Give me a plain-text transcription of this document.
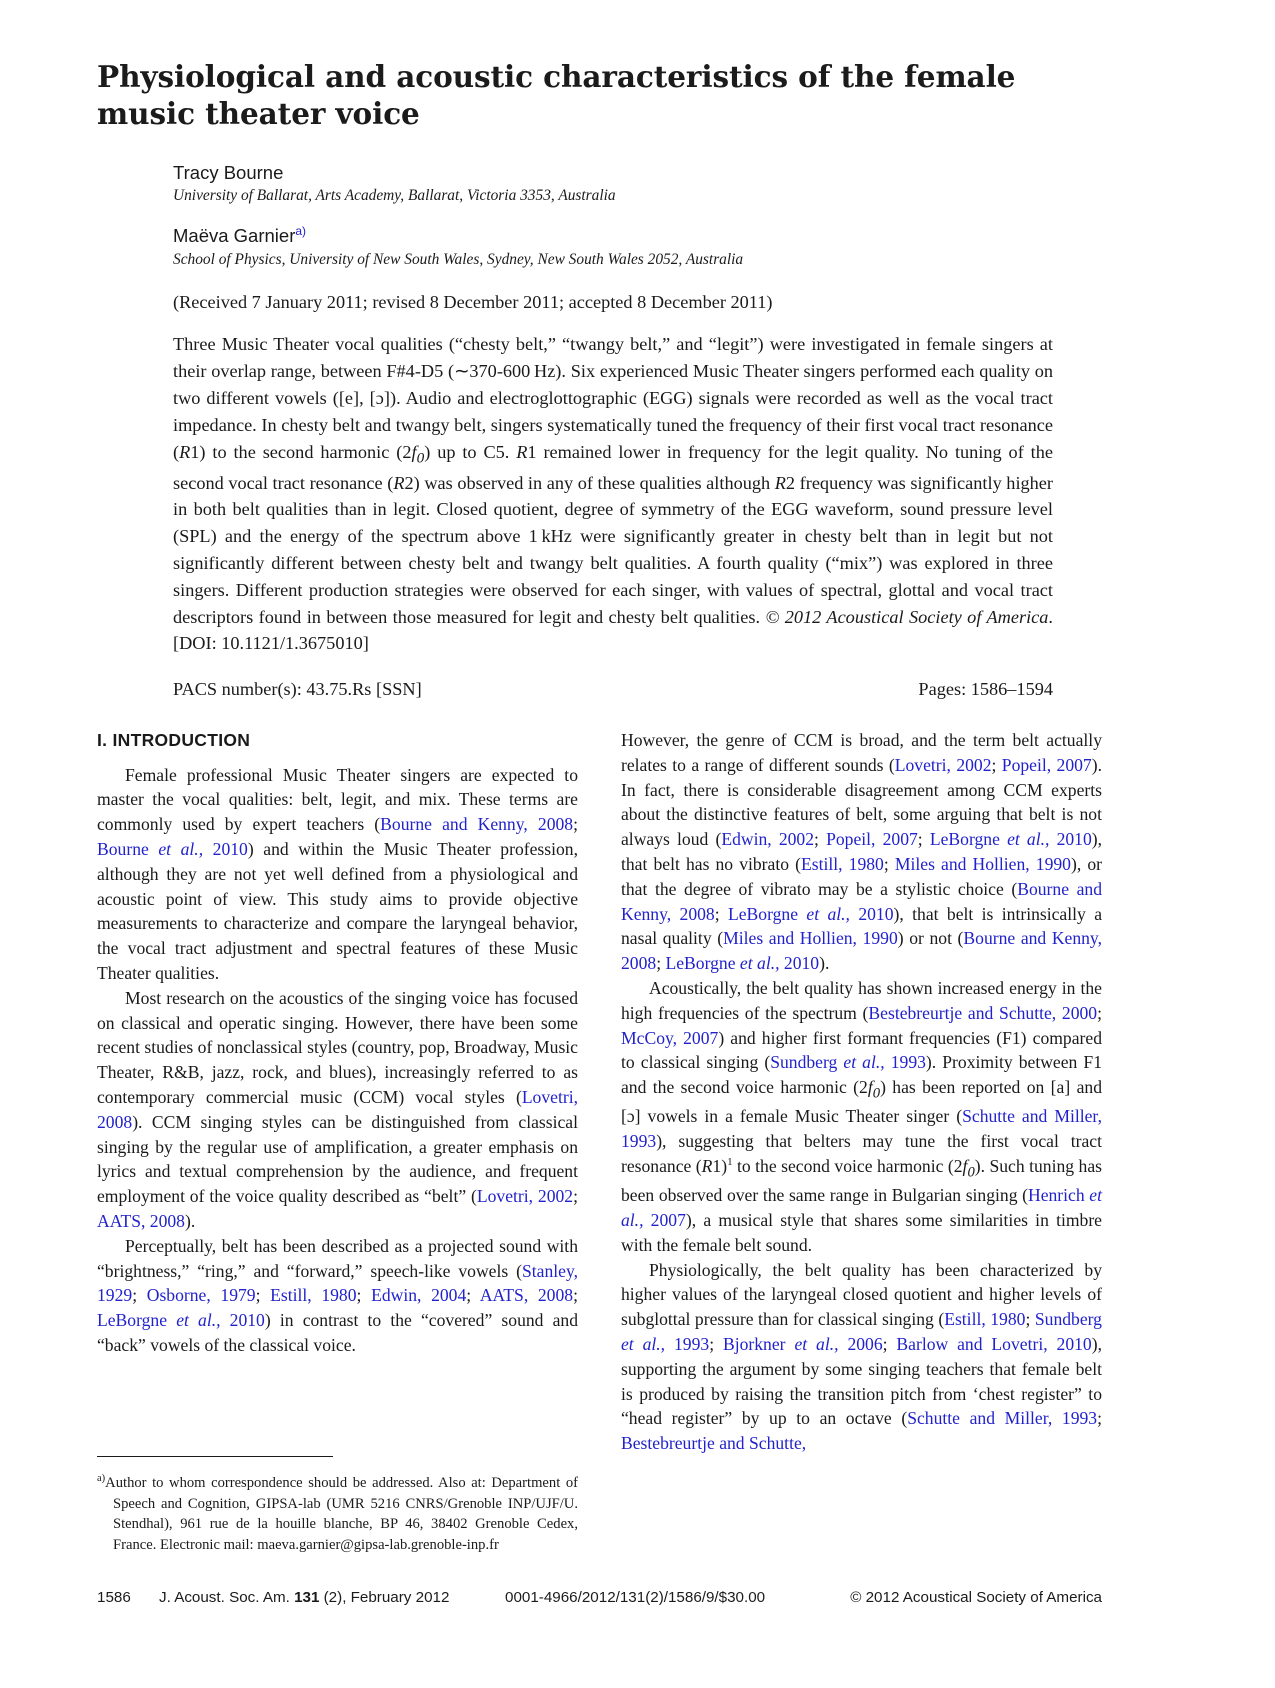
Physiological and acoustic characteristics of the female music theater voice
Tracy Bourne
University of Ballarat, Arts Academy, Ballarat, Victoria 3353, Australia
Maëva Garnier$^{a)}$
School of Physics, University of New South Wales, Sydney, New South Wales 2052, Australia
(Received 7 January 2011; revised 8 December 2011; accepted 8 December 2011)
Three Music Theater vocal qualities (“chesty belt,” “twangy belt,” and “legit”) were investigated in female singers at their overlap range, between F#4-D5 (∼370-600 Hz). Six experienced Music Theater singers performed each quality on two different vowels ([e], [ɔ]). Audio and electroglottographic (EGG) signals were recorded as well as the vocal tract impedance. In chesty belt and twangy belt, singers systematically tuned the frequency of their first vocal tract resonance (R1) to the second harmonic $(2f_0)$ up to C5. R1 remained lower in frequency for the legit quality. No tuning of the second vocal tract resonance (R2) was observed in any of these qualities although R2 frequency was significantly higher in both belt qualities than in legit. Closed quotient, degree of symmetry of the EGG waveform, sound pressure level (SPL) and the energy of the spectrum above 1 kHz were significantly greater in chesty belt than in legit but not significantly different between chesty belt and twangy belt qualities. A fourth quality (“mix”) was explored in three singers. Different production strategies were observed for each singer, with values of spectral, glottal and vocal tract descriptors found in between those measured for legit and chesty belt qualities. © 2012 Acoustical Society of America. [DOI: 10.1121/1.3675010]
PACS number(s): 43.75.Rs [SSN]	Pages: 1586–1594
I. INTRODUCTION

Female professional Music Theater singers are expected to master the vocal qualities: belt, legit, and mix. These terms are commonly used by expert teachers (Bourne and Kenny, 2008; Bourne et al., 2010) and within the Music Theater profession, although they are not yet well defined from a physiological and acoustic point of view. This study aims to provide objective measurements to characterize and compare the laryngeal behavior, the vocal tract adjustment and spectral features of these Music Theater qualities.

Most research on the acoustics of the singing voice has focused on classical and operatic singing. However, there have been some recent studies of nonclassical styles (country, pop, Broadway, Music Theater, R&B, jazz, rock, and blues), increasingly referred to as contemporary commercial music (CCM) vocal styles (Lovetri, 2008). CCM singing styles can be distinguished from classical singing by the regular use of amplification, a greater emphasis on lyrics and textual comprehension by the audience, and frequent employment of the voice quality described as “belt” (Lovetri, 2002; AATS, 2008).

Perceptually, belt has been described as a projected sound with “brightness,” “ring,” and “forward,” speech-like vowels (Stanley, 1929; Osborne, 1979; Estill, 1980; Edwin, 2004; AATS, 2008; LeBorgne et al., 2010) in contrast to the “covered” sound and “back” vowels of the classical voice.

However, the genre of CCM is broad, and the term belt actually relates to a range of different sounds (Lovetri, 2002; Popeil, 2007). In fact, there is considerable disagreement among CCM experts about the distinctive features of belt, some arguing that belt is not always loud (Edwin, 2002; Popeil, 2007; LeBorgne et al., 2010), that belt has no vibrato (Estill, 1980; Miles and Hollien, 1990), or that the degree of vibrato may be a stylistic choice (Bourne and Kenny, 2008; LeBorgne et al., 2010), that belt is intrinsically a nasal quality (Miles and Hollien, 1990) or not (Bourne and Kenny, 2008; LeBorgne et al., 2010).

Acoustically, the belt quality has shown increased energy in the high frequencies of the spectrum (Bestebreurtje and Schutte, 2000; McCoy, 2007) and higher first formant frequencies (F1) compared to classical singing (Sundberg et al., 1993). Proximity between F1 and the second voice harmonic $(2f_0)$ has been reported on [a] and [ɔ] vowels in a female Music Theater singer (Schutte and Miller, 1993), suggesting that belters may tune the first vocal tract resonance (R1)$^1$ to the second voice harmonic $(2f_0)$. Such tuning has been observed over the same range in Bulgarian singing (Henrich et al., 2007), a musical style that shares some similarities in timbre with the female belt sound.

Physiologically, the belt quality has been characterized by higher values of the laryngeal closed quotient and higher levels of subglottal pressure than for classical singing (Estill, 1980; Sundberg et al., 1993; Bjorkner et al., 2006; Barlow and Lovetri, 2010), supporting the argument by some singing teachers that female belt is produced by raising the transition pitch from ‘chest register” to “head register” by up to an octave (Schutte and Miller, 1993; Bestebreurtje and Schutte,

$^{a)}$Author to whom correspondence should be addressed. Also at: Department of Speech and Cognition, GIPSA-lab (UMR 5216 CNRS/Grenoble INP/UJF/U. Stendhal), 961 rue de la houille blanche, BP 46, 38402 Grenoble Cedex, France. Electronic mail: maeva.garnier@gipsa-lab.grenoble-inp.fr
1586	J. Acoust. Soc. Am. 131 (2), February 2012	0001-4966/2012/131(2)/1586/9/$30.00	© 2012 Acoustical Society of America
